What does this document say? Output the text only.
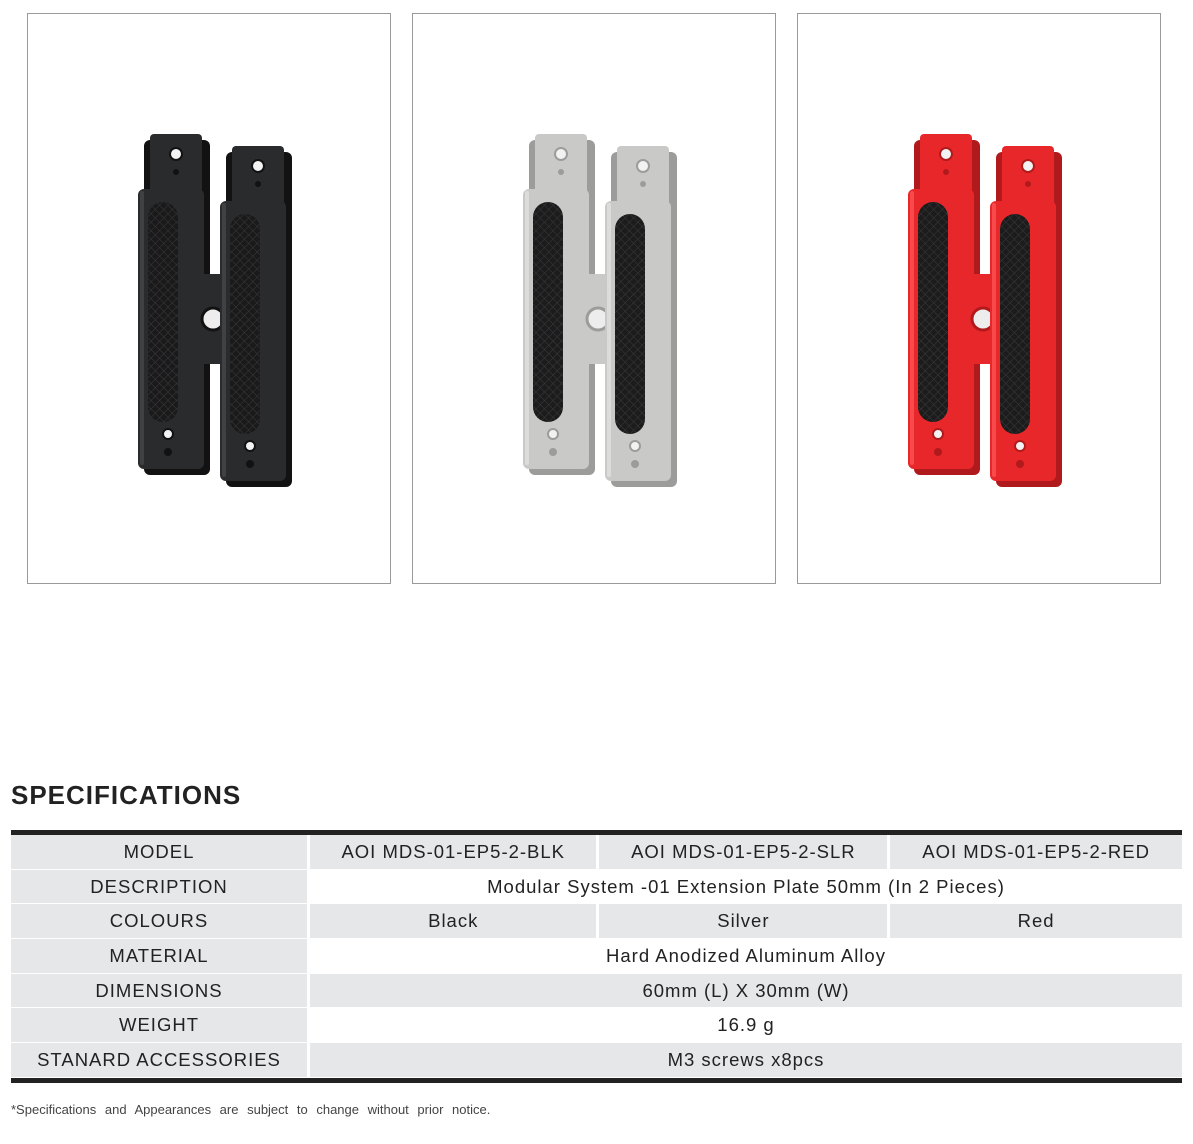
SPECIFICATIONS
MODEL	AOI MDS-01-EP5-2-BLK	AOI MDS-01-EP5-2-SLR	AOI MDS-01-EP5-2-RED
DESCRIPTION	Modular System -01 Extension Plate 50mm (In 2 Pieces)		
COLOURS	Black	Silver	Red
MATERIAL	Hard Anodized Aluminum Alloy		
DIMENSIONS	60mm (L) X 30mm (W)		
WEIGHT	16.9 g		
STANARD ACCESSORIES	M3 screws x8pcs		

*Specifications and Appearances are subject to change without prior notice.
